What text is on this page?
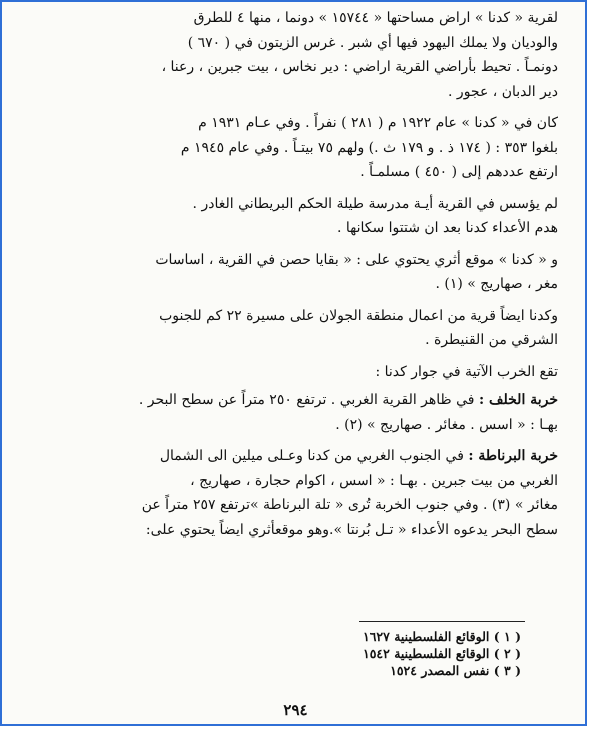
لقرية « كدنا » اراض مساحتها « ١٥٧٤٤ » دونما ، منها ٤ للطرق
والوديان ولا يملك اليهود فيها أي شبر . غرس الزيتون في ( ٦٧٠ )
دونمـاً . تحيط بأراضي القرية اراضي : دير نخاس ، بيت جبرين ، رعنا ،
دير الدبان ، عجور .
كان في « كدنا » عام ١٩٢٢ م ( ٢٨١ ) نفراً . وفي عـام ١٩٣١ م
بلغوا ٣٥٣ : ( ١٧٤ ذ . و ١٧٩ ث .) ولهم ٧٥ بيتـاً . وفي عام ١٩٤٥ م
ارتفع عددهم إلى ( ٤٥٠ ) مسلمـاً .
لم يؤسس في القرية أيـة مدرسة طيلة الحكم البريطاني الغادر .
هدم الأعداء كدنا بعد ان شتتوا سكانها .
و « كدنا » موقع أثري يحتوي على : « بقايا حصن في القرية ، اساسات
مغر ، صهاريج » (١) .
وكدنا ايضاً قرية من اعمال منطقة الجولان على مسيرة ٢٢ كم للجنوب
الشرقي من القنيطرة .
تقع الخرب الآتية في جوار كدنا :
خربة الخلف : في ظاهر القرية الغربي . ترتفع ٢٥٠ متراً عن سطح البحر .
بهـا : « اسس . مغائر . صهاريج » (٢) .
خربة البرناطة : في الجنوب الغربي من كدنا وعـلى ميلين الى الشمال
الغربي من بيت جبرين . بهـا : « اسس ، اكوام حجارة ، صهاريج ،
مغائر » (٣) . وفي جنوب الخربة تُرى « تلة البرناطة »ترتفع ٢٥٧ متراً عن
سطح البحر يدعوه الأعداء « تـل بُرنتا ».وهو موقعأثري ايضاً يحتوي على:
( ١ ) الوقائع الفلسطينية ١٦٢٧
( ٢ ) الوقائع الفلسطينية ١٥٤٢
( ٣ ) نفس المصدر ١٥٢٤
٢٩٤
